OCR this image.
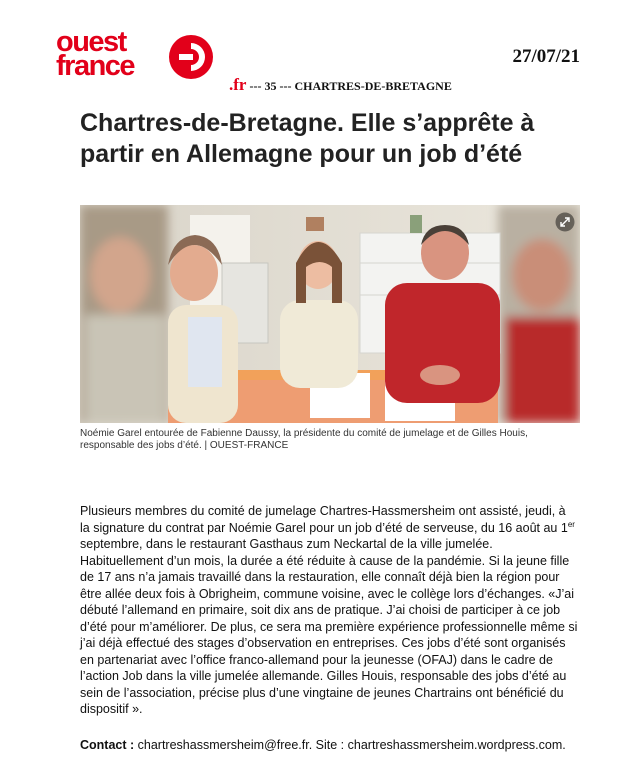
ouest
france	27/07/21
.fr --- 35 --- CHARTRES-DE-BRETAGNE
Chartres-de-Bretagne. Elle s’apprête à partir en Allemagne pour un job d’été
Noémie Garel entourée de Fabienne Daussy, la présidente du comité de jumelage et de Gilles Houis, responsable des jobs d’été. | OUEST-FRANCE

Plusieurs membres du comité de jumelage Chartres-Hassmersheim ont assisté, jeudi, à la signature du contrat par Noémie Garel pour un job d’été de serveuse, du 16 août au 1er septembre, dans le restaurant Gasthaus zum Neckartal de la ville jumelée. Habituellement d’un mois, la durée a été réduite à cause de la pandémie. Si la jeune fille de 17 ans n’a jamais travaillé dans la restauration, elle connaît déjà bien la région pour être allée deux fois à Obrigheim, commune voisine, avec le collège lors d’échanges. «J’ai débuté l’allemand en primaire, soit dix ans de pratique. J’ai choisi de participer à ce job d’été pour m’améliorer. De plus, ce sera ma première expérience professionnelle même si j’ai déjà effectué des stages d’observation en entreprises. Ces jobs d’été sont organisés en partenariat avec l’office franco-allemand pour la jeunesse (OFAJ) dans le cadre de l’action Job dans la ville jumelée allemande. Gilles Houis, responsable des jobs d’été au sein de l’association, précise plus d’une vingtaine de jeunes Chartrains ont bénéficié du dispositif ».

Contact : chartreshassmersheim@free.fr. Site : chartreshassmersheim.wordpress.com.
